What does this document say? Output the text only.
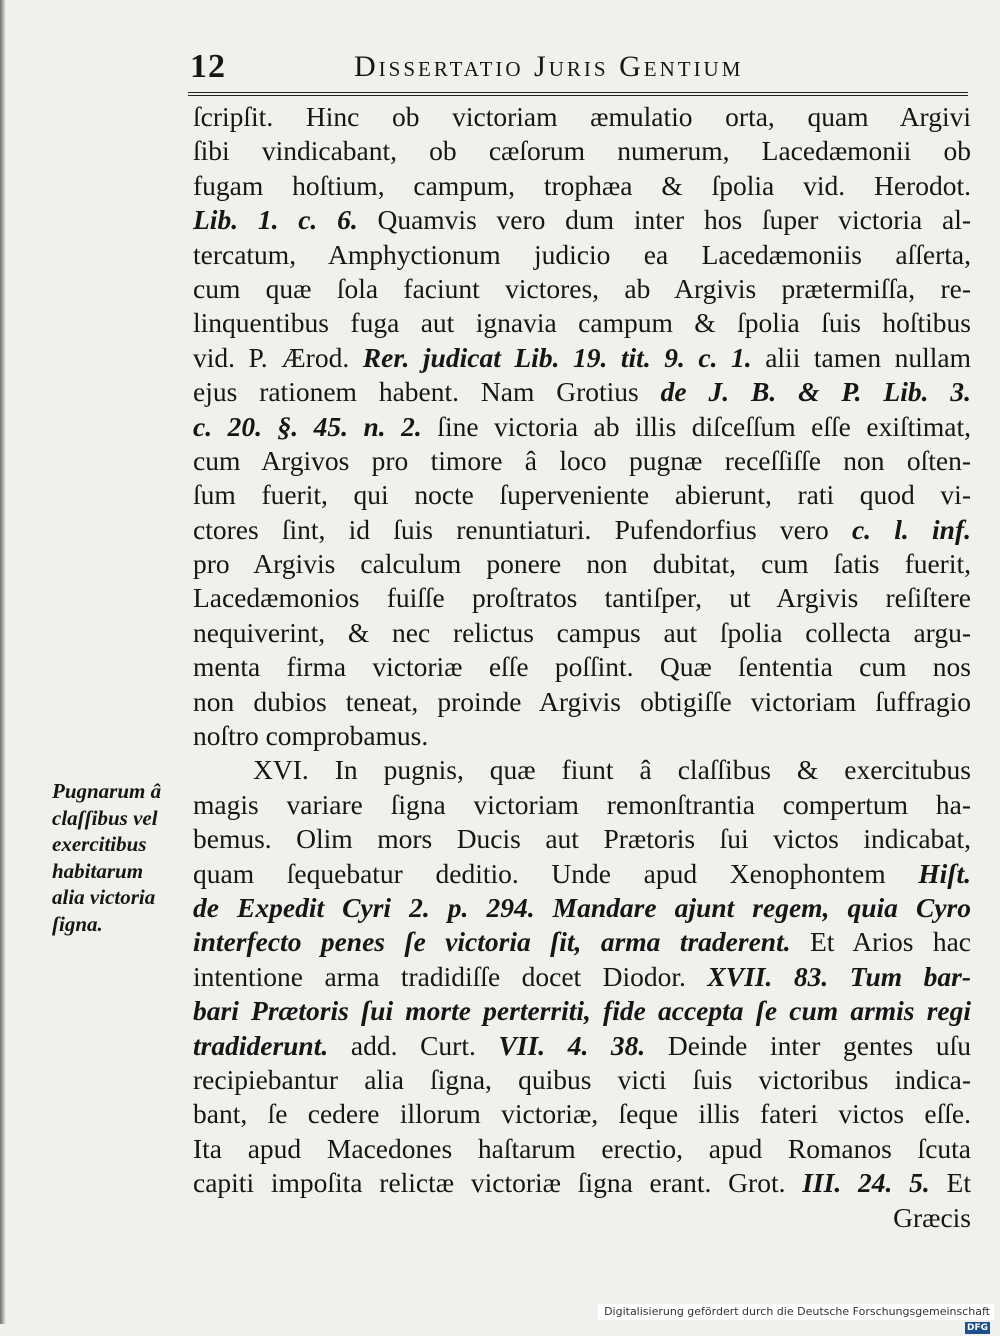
12	Dissertatio Juris Gentium
ſcripſit. Hinc ob victoriam æmulatio orta, quam Argivi
ſibi vindicabant, ob cæſorum numerum, Lacedæmonii ob
fugam hoſtium, campum, trophæa & ſpolia vid. Herodot.
Lib. 1. c. 6. Quamvis vero dum inter hos ſuper victoria al-
tercatum, Amphyctionum judicio ea Lacedæmoniis aſſerta,
cum quæ ſola faciunt victores, ab Argivis prætermiſſa, re-
linquentibus fuga aut ignavia campum & ſpolia ſuis hoſtibus
vid. P. Ærod. Rer. judicat Lib. 19. tit. 9. c. 1. alii tamen nullam
ejus rationem habent. Nam Grotius de J. B. & P. Lib. 3.
c. 20. §. 45. n. 2. ſine victoria ab illis diſceſſum eſſe exiſtimat,
cum Argivos pro timore â loco pugnæ receſſiſſe non oſten-
ſum fuerit, qui nocte ſuperveniente abierunt, rati quod vi-
ctores ſint, id ſuis renuntiaturi. Pufendorfius vero c. l. inf.
pro Argivis calculum ponere non dubitat, cum ſatis fuerit,
Lacedæmonios fuiſſe proſtratos tantiſper, ut Argivis reſiſtere
nequiverint, & nec relictus campus aut ſpolia collecta argu-
menta firma victoriæ eſſe poſſint. Quæ ſententia cum nos
non dubios teneat, proinde Argivis obtigiſſe victoriam ſuffragio
noſtro comprobamus.
XVI. In pugnis, quæ fiunt â claſſibus & exercitubus
magis variare ſigna victoriam remonſtrantia compertum ha-
bemus. Olim mors Ducis aut Prætoris ſui victos indicabat,
quam ſequebatur deditio. Unde apud Xenophontem Hiſt.
de Expedit Cyri 2. p. 294. Mandare ajunt regem, quia Cyro
interfecto penes ſe victoria ſit, arma traderent. Et Arios hac
intentione arma tradidiſſe docet Diodor. XVII. 83. Tum bar-
bari Prætoris ſui morte perterriti, fide accepta ſe cum armis regi
tradiderunt. add. Curt. VII. 4. 38. Deinde inter gentes uſu
recipiebantur alia ſigna, quibus victi ſuis victoribus indica-
bant, ſe cedere illorum victoriæ, ſeque illis fateri victos eſſe.
Ita apud Macedones haſtarum erectio, apud Romanos ſcuta
capiti impoſita relictæ victoriæ ſigna erant. Grot. III. 24. 5. Et
Græcis
Pugnarum â
claſſibus vel
exercitibus
habitarum
alia victoria
ſigna.
Digitalisierung gefördert durch die Deutsche Forschungsgemeinschaft DFG
